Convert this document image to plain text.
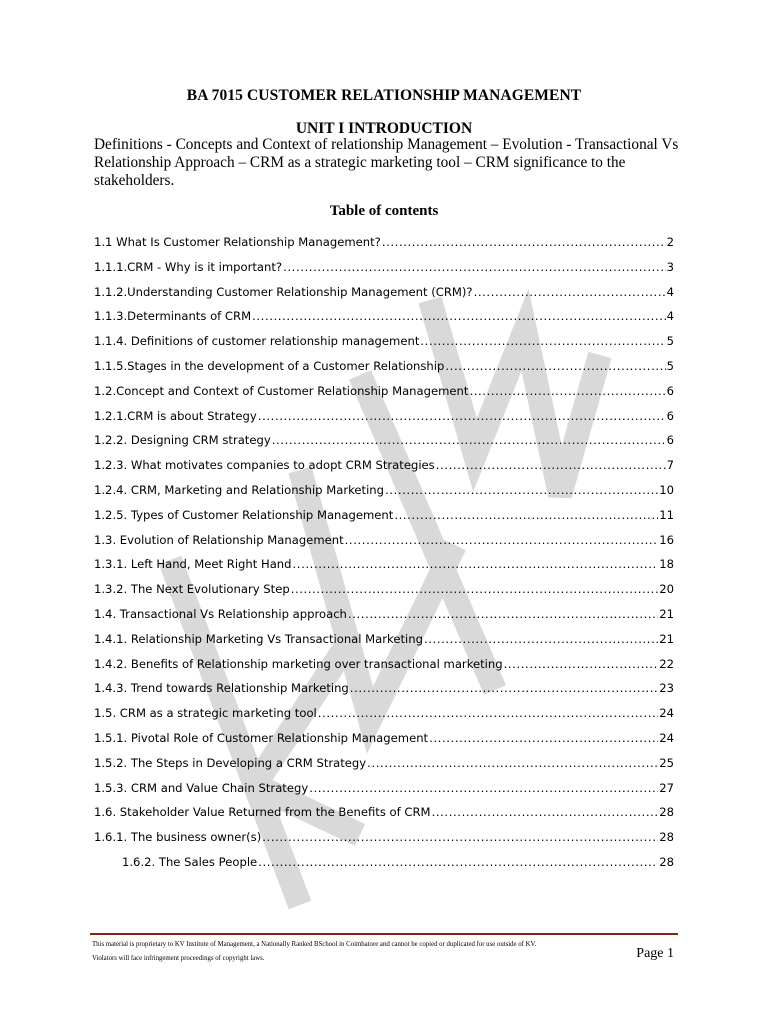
BA 7015 CUSTOMER RELATIONSHIP MANAGEMENT
UNIT I INTRODUCTION
Definitions - Concepts and Context of relationship Management – Evolution - Transactional Vs Relationship Approach – CRM as a strategic marketing tool – CRM significance to the stakeholders.
Table of contents
1.1 What Is Customer Relationship Management? .....	2
1.1.1.CRM - Why is it important? .....	3
1.1.2.Understanding Customer Relationship Management (CRM)? .....	4
1.1.3.Determinants of CRM .....	4
1.1.4. Definitions of customer relationship management .....	5
1.1.5.Stages in the development of a Customer Relationship .....	5
1.2.Concept and Context of Customer Relationship Management .....	6
1.2.1.CRM is about Strategy .....	6
1.2.2. Designing CRM strategy .....	6
1.2.3. What motivates companies to adopt CRM Strategies .....	7
1.2.4. CRM, Marketing and Relationship Marketing .....	10
1.2.5. Types of Customer Relationship Management .....	11
1.3. Evolution of Relationship Management .....	16
1.3.1. Left Hand, Meet Right Hand .....	18
1.3.2. The Next Evolutionary Step .....	20
1.4. Transactional Vs Relationship approach .....	21
1.4.1. Relationship Marketing Vs Transactional Marketing .....	21
1.4.2. Benefits of Relationship marketing over transactional marketing .....	22
1.4.3. Trend towards Relationship Marketing .....	23
1.5. CRM as a strategic marketing tool .....	24
1.5.1. Pivotal Role of Customer Relationship Management .....	24
1.5.2. The Steps in Developing a CRM Strategy .....	25
1.5.3. CRM and Value Chain Strategy .....	27
1.6. Stakeholder Value Returned from the Benefits of CRM .....	28
1.6.1. The business owner(s) .....	28
1.6.2. The Sales People .....	28
This material is proprietary to KV Institute of Management, a Nationally Ranked BSchool in Coimbatore and cannot be copied or duplicated for use outside of KV.
Violators will face infringement proceedings of copyright laws.	Page 1
